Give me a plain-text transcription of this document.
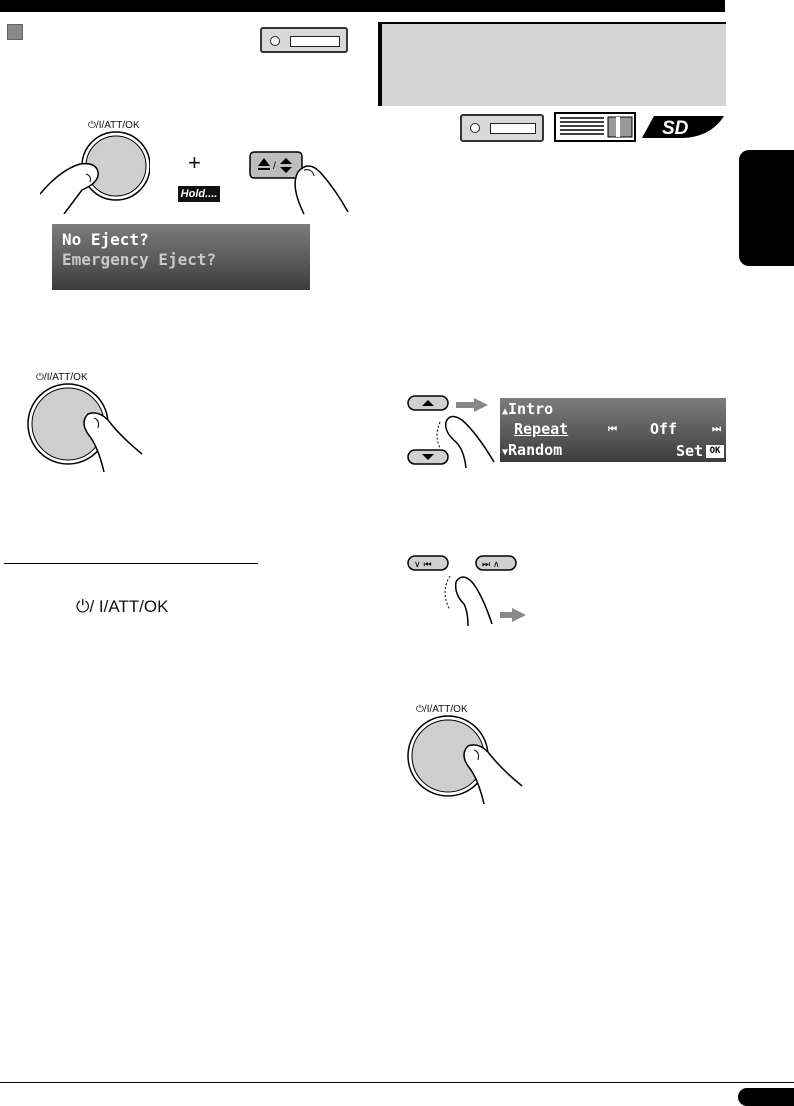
SD
⏻/I/ATT/OK
+
Hold....
/
No Eject?
Emergency Eject?
⏻/I/ATT/OK
⏻/ I/ATT/OK
▲Intro
Repeat
▼Random
⏮ Off	⏭
Set OK
∨ ⏮	⏭ ∧
⏻/I/ATT/OK
